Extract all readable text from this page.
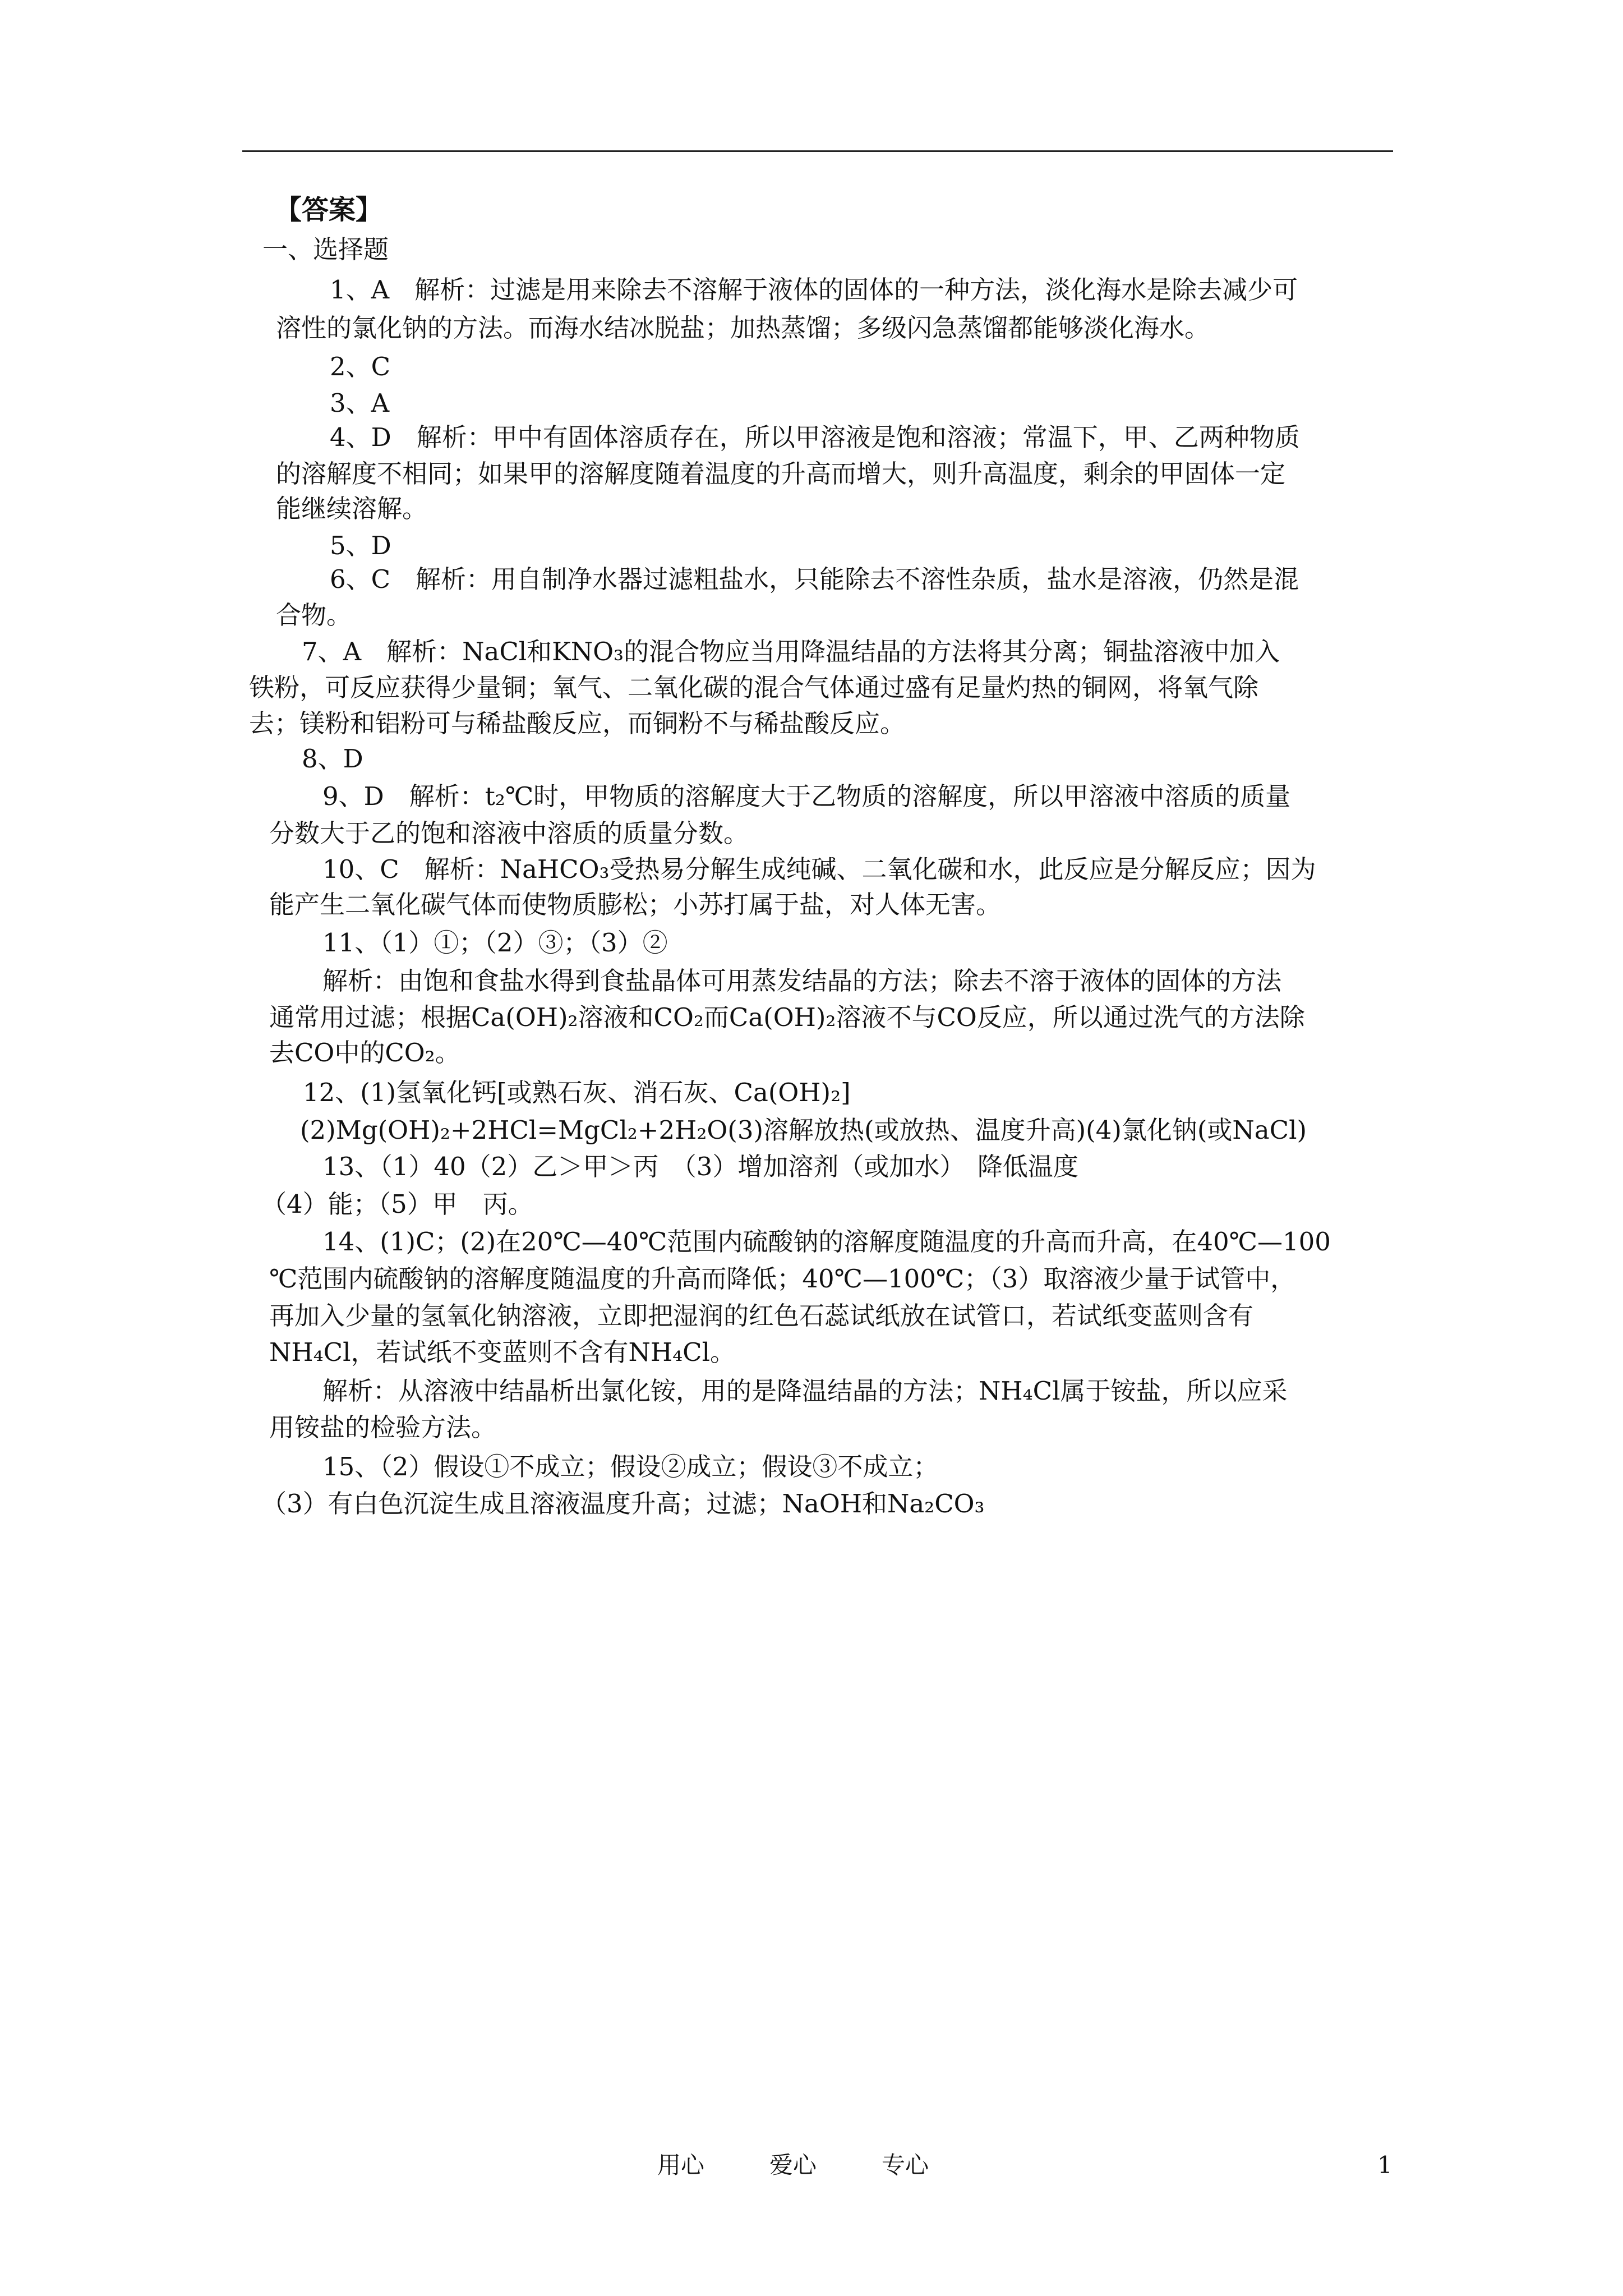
【答案】
一、选择题
1、A　解析：过滤是用来除去不溶解于液体的固体的一种方法，淡化海水是除去减少可
溶性的氯化钠的方法。而海水结冰脱盐；加热蒸馏；多级闪急蒸馏都能够淡化海水。
2、C
3、A
4、D　解析：甲中有固体溶质存在，所以甲溶液是饱和溶液；常温下，甲、乙两种物质
的溶解度不相同；如果甲的溶解度随着温度的升高而增大，则升高温度，剩余的甲固体一定
能继续溶解。
5、D
6、C　解析：用自制净水器过滤粗盐水，只能除去不溶性杂质，盐水是溶液，仍然是混
合物。
7、A　解析：NaCl和KNO₃的混合物应当用降温结晶的方法将其分离；铜盐溶液中加入
铁粉，可反应获得少量铜；氧气、二氧化碳的混合气体通过盛有足量灼热的铜网，将氧气除
去；镁粉和铝粉可与稀盐酸反应，而铜粉不与稀盐酸反应。
8、D
9、D　解析：t₂℃时，甲物质的溶解度大于乙物质的溶解度，所以甲溶液中溶质的质量
分数大于乙的饱和溶液中溶质的质量分数。
10、C　解析：NaHCO₃受热易分解生成纯碱、二氧化碳和水，此反应是分解反应；因为
能产生二氧化碳气体而使物质膨松；小苏打属于盐，对人体无害。
11、（1）①；（2）③；（3）②
解析：由饱和食盐水得到食盐晶体可用蒸发结晶的方法；除去不溶于液体的固体的方法
通常用过滤；根据Ca(OH)₂溶液和CO₂而Ca(OH)₂溶液不与CO反应，所以通过洗气的方法除
去CO中的CO₂。
12、(1)氢氧化钙[或熟石灰、消石灰、Ca(OH)₂]
(2)Mg(OH)₂+2HCl=MgCl₂+2H₂O(3)溶解放热(或放热、温度升高)(4)氯化钠(或NaCl)
13、（1）40（2）乙＞甲＞丙　（3）增加溶剂（或加水）　降低温度
（4）能；（5）甲　丙。
14、(1)C；(2)在20℃—40℃范围内硫酸钠的溶解度随温度的升高而升高，在40℃—100
℃范围内硫酸钠的溶解度随温度的升高而降低；40℃—100℃；（3）取溶液少量于试管中，
再加入少量的氢氧化钠溶液，立即把湿润的红色石蕊试纸放在试管口，若试纸变蓝则含有
NH₄Cl，若试纸不变蓝则不含有NH₄Cl。
解析：从溶液中结晶析出氯化铵，用的是降温结晶的方法；NH₄Cl属于铵盐，所以应采
用铵盐的检验方法。
15、（2）假设①不成立；假设②成立；假设③不成立；
（3）有白色沉淀生成且溶液温度升高；过滤；NaOH和Na₂CO₃
用心	爱心	专心	1
